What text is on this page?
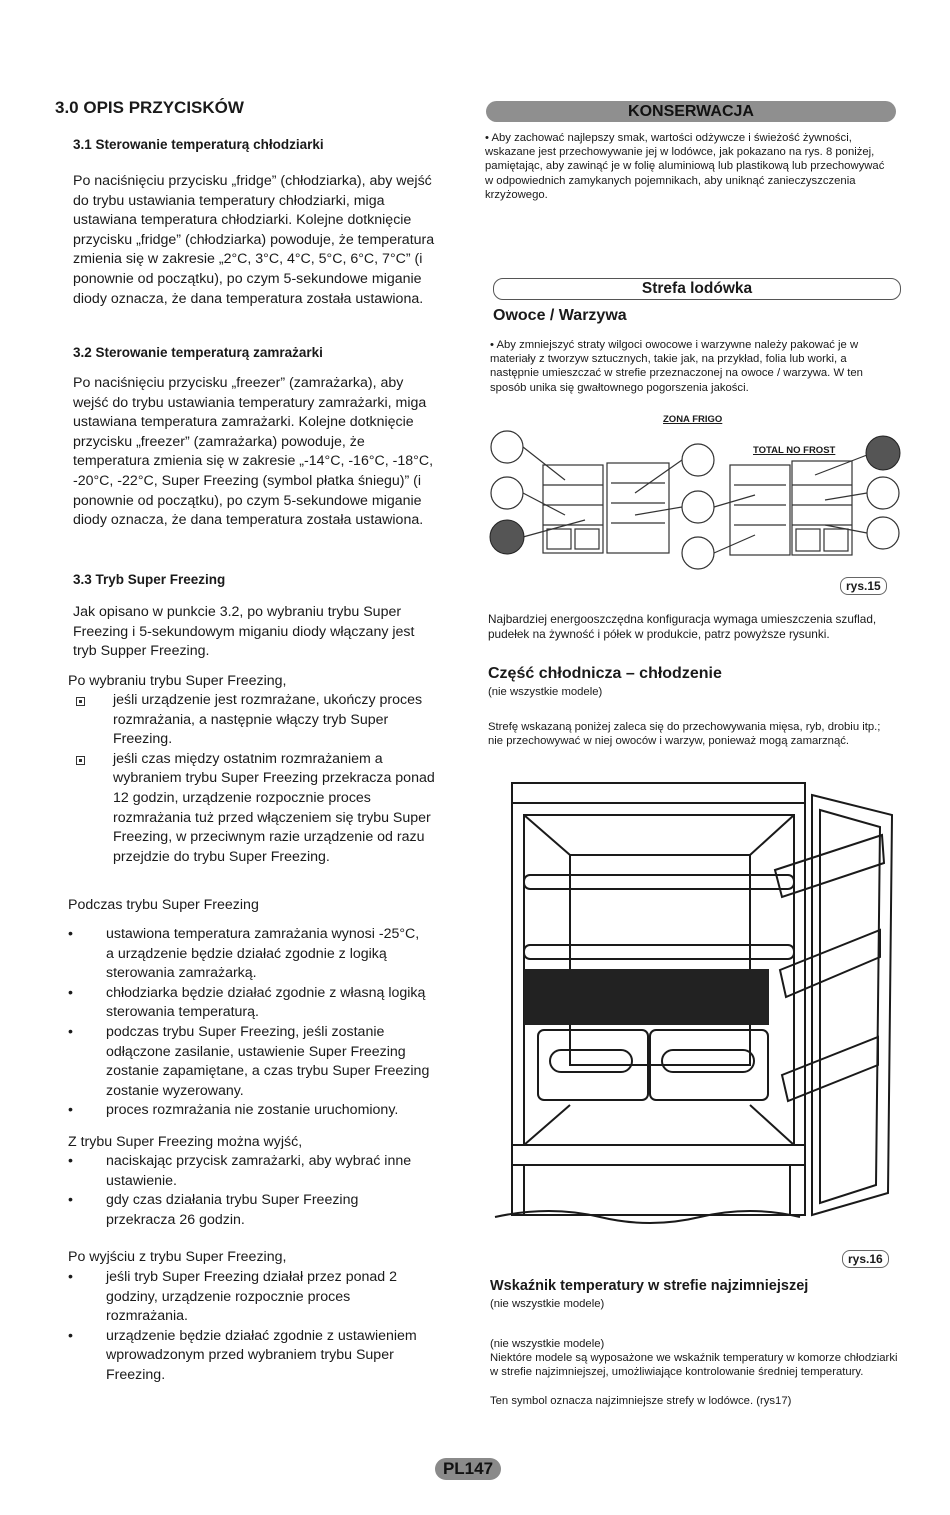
3.0 OPIS PRZYCISKÓW
3.1 Sterowanie temperaturą chłodziarki
Po naciśnięciu przycisku „fridge” (chłodziarka), aby wejść do trybu ustawiania temperatury chłodziarki, miga ustawiana temperatura chłodziarki. Kolejne dotknięcie przycisku „fridge” (chłodziarka) powoduje, że temperatura zmienia się w zakresie „2°C, 3°C, 4°C, 5°C, 6°C, 7°C” (i ponownie od początku), po czym 5-sekundowe miganie diody oznacza, że dana temperatura została ustawiona.
3.2 Sterowanie temperaturą zamrażarki
Po naciśnięciu przycisku „freezer” (zamrażarka), aby wejść do trybu ustawiania temperatury zamrażarki, miga ustawiana temperatura zamrażarki. Kolejne dotknięcie przycisku „freezer” (zamrażarka) powoduje, że temperatura zmienia się w zakresie „-14°C, -16°C, -18°C, -20°C, -22°C, Super Freezing (symbol płatka śniegu)” (i ponownie od początku), po czym 5-sekundowe miganie diody oznacza, że dana temperatura została ustawiona.
3.3 Tryb Super Freezing
Jak opisano w punkcie 3.2, po wybraniu trybu Super Freezing i 5-sekundowym miganiu diody włączany jest tryb Supper Freezing.
Po wybraniu trybu Super Freezing,
jeśli urządzenie jest rozmrażane, ukończy proces rozmrażania, a następnie włączy tryb Super Freezing.
jeśli czas między ostatnim rozmrażaniem a wybraniem trybu Super Freezing przekracza ponad 12 godzin, urządzenie rozpocznie proces rozmrażania tuż przed włączeniem się trybu Super Freezing, w przeciwnym razie urządzenie od razu przejdzie do trybu Super Freezing.
Podczas trybu Super Freezing
•	ustawiona temperatura zamrażania wynosi -25°C, a urządzenie będzie działać zgodnie z logiką sterowania zamrażarką.
•	chłodziarka będzie działać zgodnie z własną logiką sterowania temperaturą.
•	podczas trybu Super Freezing, jeśli zostanie odłączone zasilanie, ustawienie Super Freezing zostanie zapamiętane, a czas trybu Super Freezing zostanie wyzerowany.
•	proces rozmrażania nie zostanie uruchomiony.
Z trybu Super Freezing można wyjść,
•	naciskając przycisk zamrażarki, aby wybrać inne ustawienie.
•	gdy czas działania trybu Super Freezing przekracza 26 godzin.
Po wyjściu z trybu Super Freezing,
•	jeśli tryb Super Freezing działał przez ponad 2 godziny, urządzenie rozpocznie proces rozmrażania.
•	urządzenie będzie działać zgodnie z ustawieniem wprowadzonym przed wybraniem trybu Super Freezing.
KONSERWACJA
• Aby zachować najlepszy smak, wartości odżywcze i świeżość żywności, wskazane jest przechowywanie jej w lodówce, jak pokazano na rys. 8 poniżej, pamiętając, aby zawinąć je w folię aluminiową lub plastikową lub przechowywać w odpowiednich zamykanych pojemnikach, aby uniknąć zanieczyszczenia krzyżowego.
Strefa lodówka
Owoce / Warzywa
• Aby zmniejszyć straty wilgoci owocowe i warzywne należy pakować je w materiały z tworzyw sztucznych, takie jak, na przykład, folia lub worki, a następnie umieszczać w strefie przeznaczonej na owoce / warzywa. W ten sposób unika się gwałtownego pogorszenia jakości.
ZONA FRIGO
TOTAL NO FROST
rys.15
Najbardziej energooszczędna konfiguracja wymaga umieszczenia szuflad, pudełek na żywność i półek w produkcie, patrz powyższe rysunki.
Część chłodnicza – chłodzenie
(nie wszystkie modele)
Strefę wskazaną poniżej zaleca się do przechowywania mięsa, ryb, drobiu itp.; nie przechowywać w niej owoców i warzyw, ponieważ mogą zamarznąć.
rys.16
Wskaźnik temperatury w strefie najzimniejszej
(nie wszystkie modele)
(nie wszystkie modele)
Niektóre modele są wyposażone we wskaźnik temperatury w komorze chłodziarki w strefie najzimniejszej, umożliwiające kontrolowanie średniej temperatury.
Ten symbol oznacza najzimniejsze strefy w lodówce. (rys17)
PL147
